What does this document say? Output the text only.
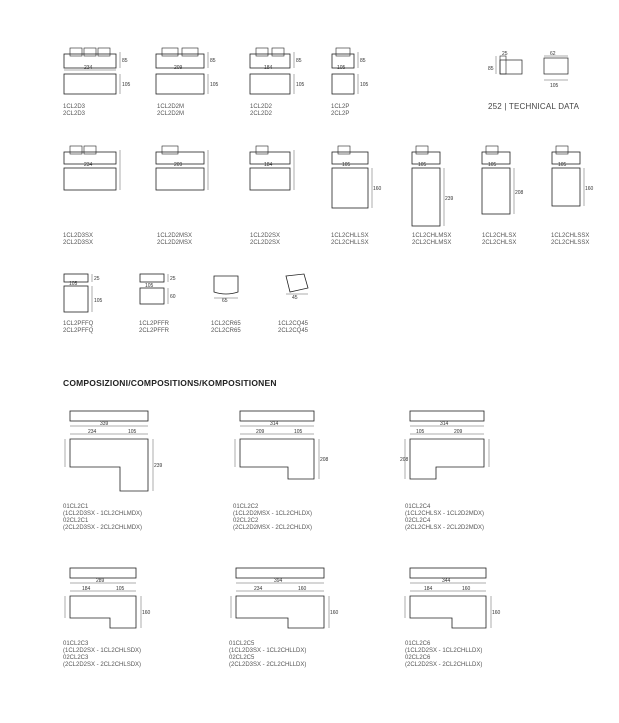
252 | TECHNICAL DATA
234
85
105
1CL2D3
2CL2D3
209
85
105
1CL2D2M
2CL2D2M
184
85
105
1CL2D2
2CL2D2
105
85
105
1CL2P
2CL2P
25
85
62
105
234
1CL2D3SX
2CL2D3SX
209
1CL2D2MSX
2CL2D2MSX
184
1CL2D2SX
2CL2D2SX
105
160
1CL2CHLLSX
2CL2CHLLSX
105
239
1CL2CHLMSX
2CL2CHLMSX
105
208
1CL2CHLSX
2CL2CHLSX
105
160
1CL2CHLSSX
2CL2CHLSSX
105
25
105
1CL2PFFQ
2CL2PFFQ
105
25
60
1CL2PFFR
2CL2PFFR
65
1CL2CR65
2CL2CR65
45
1CL2CQ45
2CL2CQ45
COMPOSIZIONI/COMPOSITIONS/KOMPOSITIONEN
339
234	105
239
01CL2C1
(1CL2D3SX - 1CL2CHLMDX)
02CL2C1
(2CL2D3SX - 2CL2CHLMDX)
314
209	105
208
01CL2C2
(1CL2D2MSX - 1CL2CHLDX)
02CL2C2
(2CL2D2MSX - 2CL2CHLDX)
314
105	209
208
01CL2C4
(1CL2CHLSX - 1CL2D2MDX)
02CL2C4
(2CL2CHLSX - 2CL2D2MDX)
289
184	105
160
01CL2C3
(1CL2D2SX - 1CL2CHLSDX)
02CL2C3
(2CL2D2SX - 2CL2CHLSDX)
394
234	160
160
01CL2C5
(1CL2D3SX - 1CL2CHLLDX)
02CL2C5
(2CL2D3SX - 2CL2CHLLDX)
344
184	160
160
01CL2C6
(1CL2D2SX - 1CL2CHLLDX)
02CL2C6
(2CL2D2SX - 2CL2CHLLDX)
